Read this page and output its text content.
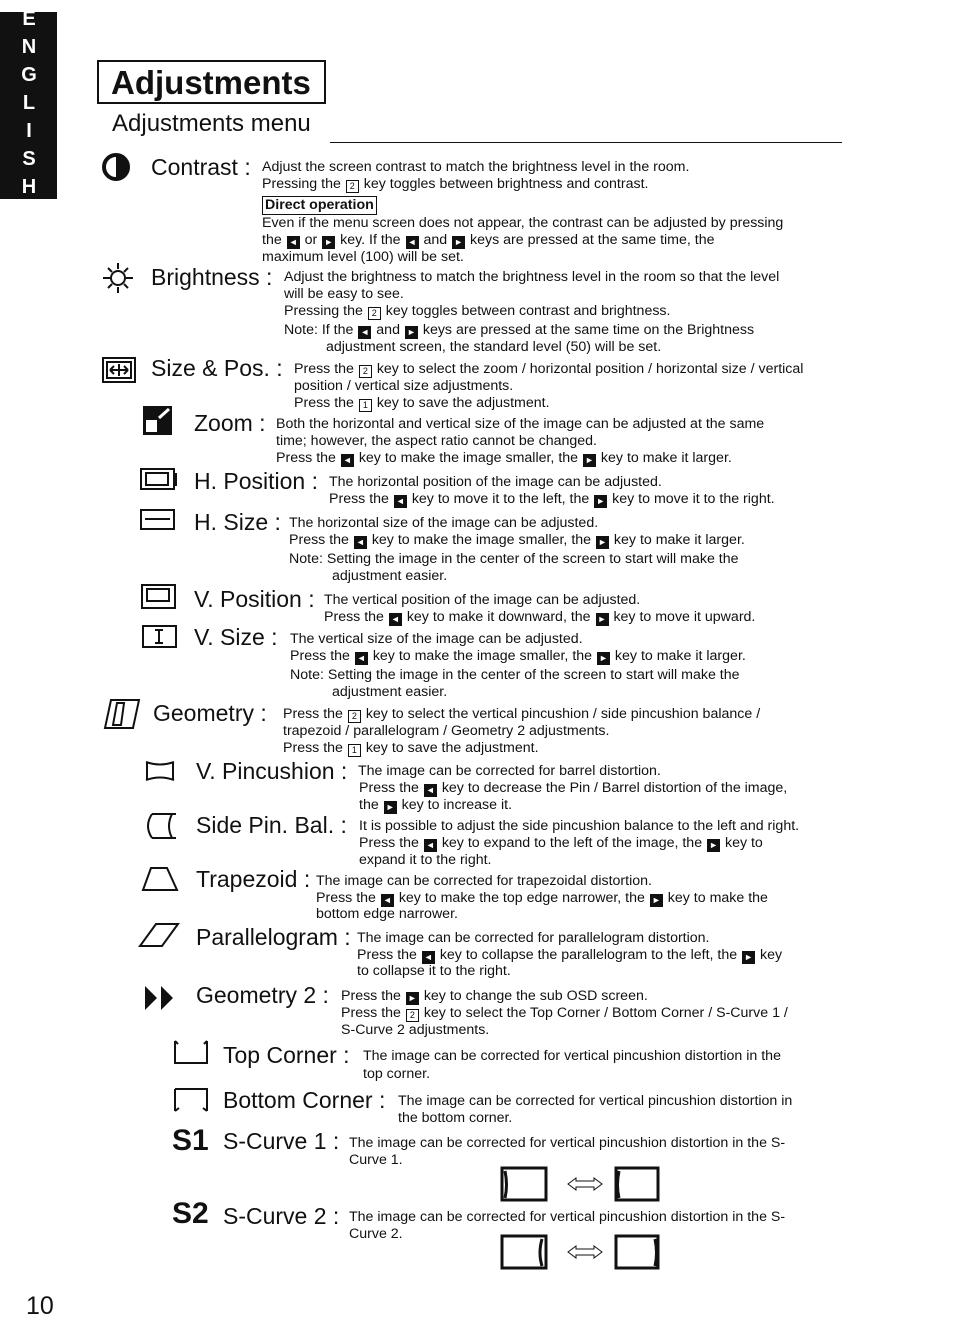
ENGLISH	Adjustments
Adjustments menu
S1
S2
Contrast :
Brightness :
Size & Pos. :
Zoom :
H. Position :
H. Size :
V. Position :
V. Size :
Geometry :
V. Pincushion :
Side Pin. Bal. :
Trapezoid :
Parallelogram :
Geometry 2 :
Top Corner :
Bottom Corner :
S-Curve 1 :
S-Curve 2 :
Adjust the screen contrast to match the brightness level in the room.
Pressing the 2 key toggles between brightness and contrast.
Direct operation
Even if the menu screen does not appear, the contrast can be adjusted by pressing
the ◄ or ► key. If the ◄ and ► keys are pressed at the same time, the
maximum level (100) will be set.
Adjust the brightness to match the brightness level in the room so that the level
will be easy to see.
Pressing the 2 key toggles between contrast and brightness.
Note: If the ◄ and ► keys are pressed at the same time on the Brightness
adjustment screen, the standard level (50) will be set.
Press the 2 key to select the zoom / horizontal position / horizontal size / vertical
position / vertical size adjustments.
Press the 1 key to save the adjustment.
Both the horizontal and vertical size of the image can be adjusted at the same
time; however, the aspect ratio cannot be changed.
Press the ◄ key to make the image smaller, the ► key to make it larger.
The horizontal position of the image can be adjusted.
Press the ◄ key to move it to the left, the ► key to move it to the right.
The horizontal size of the image can be adjusted.
Press the ◄ key to make the image smaller, the ► key to make it larger.
Note: Setting the image in the center of the screen to start will make the
adjustment easier.
The vertical position of the image can be adjusted.
Press the ◄ key to make it downward, the ► key to move it upward.
The vertical size of the image can be adjusted.
Press the ◄ key to make the image smaller, the ► key to make it larger.
Note: Setting the image in the center of the screen to start will make the
adjustment easier.
Press the 2 key to select the vertical pincushion / side pincushion balance /
trapezoid / parallelogram / Geometry 2 adjustments.
Press the 1 key to save the adjustment.
The image can be corrected for barrel distortion.
Press the ◄ key to decrease the Pin / Barrel distortion of the image,
the ► key to increase it.
It is possible to adjust the side pincushion balance to the left and right.
Press the ◄ key to expand to the left of the image, the ► key to
expand it to the right.
The image can be corrected for trapezoidal distortion.
Press the ◄ key to make the top edge narrower, the ► key to make the
bottom edge narrower.
The image can be corrected for parallelogram distortion.
Press the ◄ key to collapse the parallelogram to the left, the ► key
to collapse it to the right.
Press the ► key to change the sub OSD screen.
Press the 2 key to select the Top Corner / Bottom Corner / S-Curve 1 /
S-Curve 2 adjustments.
The image can be corrected for vertical pincushion distortion in the
top corner.
The image can be corrected for vertical pincushion distortion in
the bottom corner.
The image can be corrected for vertical pincushion distortion in the S-
Curve 1.
The image can be corrected for vertical pincushion distortion in the S-
Curve 2.
10
